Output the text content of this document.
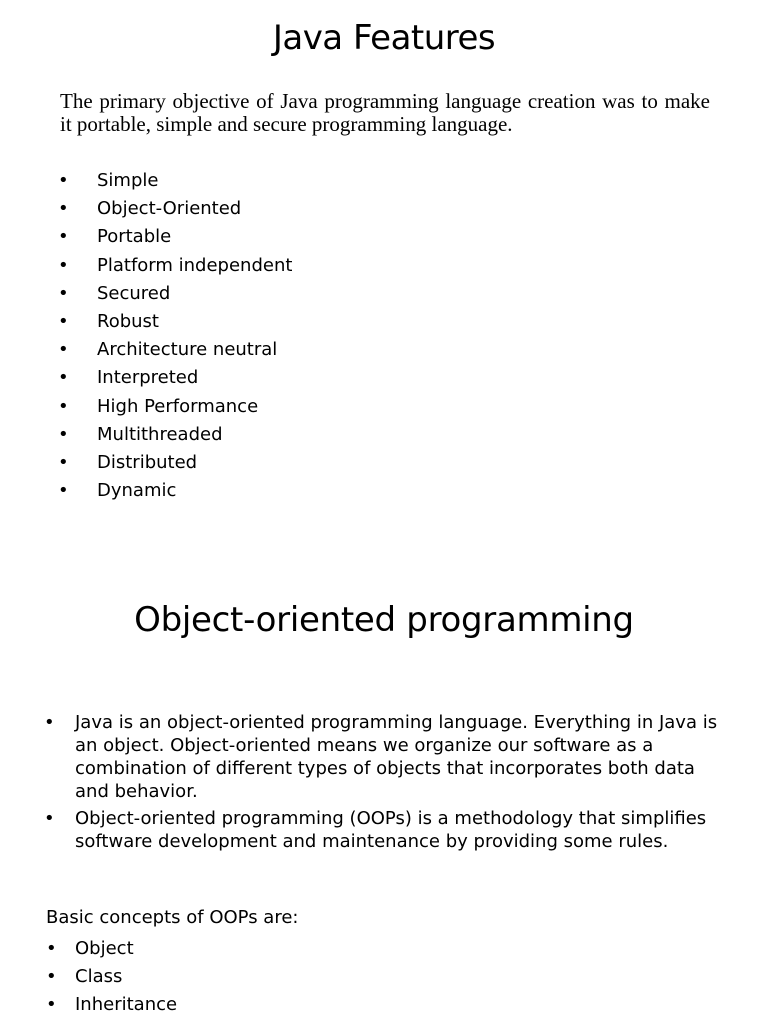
Java Features

The primary objective of Java programming language creation was to make it portable, simple and secure programming language.

• Simple
• Object-Oriented
• Portable
• Platform independent
• Secured
• Robust
• Architecture neutral
• Interpreted
• High Performance
• Multithreaded
• Distributed
• Dynamic
Object-oriented programming
• Java is an object-oriented programming language. Everything in Java is an object. Object-oriented means we organize our software as a combination of different types of objects that incorporates both data and behavior.
• Object-oriented programming (OOPs) is a methodology that simplifies software development and maintenance by providing some rules.

Basic concepts of OOPs are:

• Object
• Class
• Inheritance
